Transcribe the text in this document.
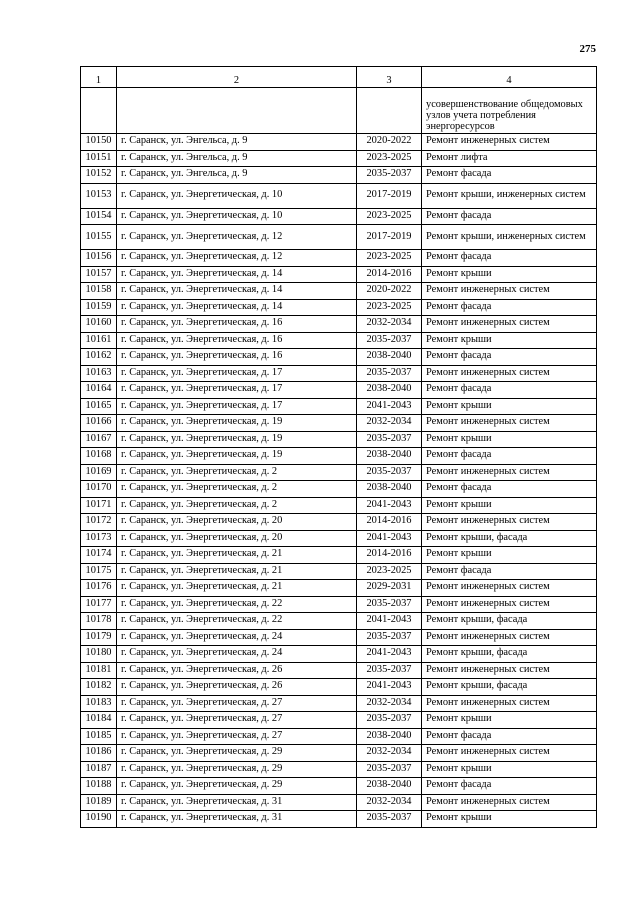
275
1	2	3	4
			усовершенствование общедомовых узлов учета потребления энергоресурсов
10150	г. Саранск, ул. Энгельса, д. 9	2020-2022	Ремонт инженерных систем
10151	г. Саранск, ул. Энгельса, д. 9	2023-2025	Ремонт лифта
10152	г. Саранск, ул. Энгельса, д. 9	2035-2037	Ремонт фасада
10153	г. Саранск, ул. Энергетическая, д. 10	2017-2019	Ремонт крыши, инженерных систем
10154	г. Саранск, ул. Энергетическая, д. 10	2023-2025	Ремонт фасада
10155	г. Саранск, ул. Энергетическая, д. 12	2017-2019	Ремонт крыши, инженерных систем
10156	г. Саранск, ул. Энергетическая, д. 12	2023-2025	Ремонт фасада
10157	г. Саранск, ул. Энергетическая, д. 14	2014-2016	Ремонт крыши
10158	г. Саранск, ул. Энергетическая, д. 14	2020-2022	Ремонт инженерных систем
10159	г. Саранск, ул. Энергетическая, д. 14	2023-2025	Ремонт фасада
10160	г. Саранск, ул. Энергетическая, д. 16	2032-2034	Ремонт инженерных систем
10161	г. Саранск, ул. Энергетическая, д. 16	2035-2037	Ремонт крыши
10162	г. Саранск, ул. Энергетическая, д. 16	2038-2040	Ремонт фасада
10163	г. Саранск, ул. Энергетическая, д. 17	2035-2037	Ремонт инженерных систем
10164	г. Саранск, ул. Энергетическая, д. 17	2038-2040	Ремонт фасада
10165	г. Саранск, ул. Энергетическая, д. 17	2041-2043	Ремонт крыши
10166	г. Саранск, ул. Энергетическая, д. 19	2032-2034	Ремонт инженерных систем
10167	г. Саранск, ул. Энергетическая, д. 19	2035-2037	Ремонт крыши
10168	г. Саранск, ул. Энергетическая, д. 19	2038-2040	Ремонт фасада
10169	г. Саранск, ул. Энергетическая, д. 2	2035-2037	Ремонт инженерных систем
10170	г. Саранск, ул. Энергетическая, д. 2	2038-2040	Ремонт фасада
10171	г. Саранск, ул. Энергетическая, д. 2	2041-2043	Ремонт крыши
10172	г. Саранск, ул. Энергетическая, д. 20	2014-2016	Ремонт инженерных систем
10173	г. Саранск, ул. Энергетическая, д. 20	2041-2043	Ремонт крыши, фасада
10174	г. Саранск, ул. Энергетическая, д. 21	2014-2016	Ремонт крыши
10175	г. Саранск, ул. Энергетическая, д. 21	2023-2025	Ремонт фасада
10176	г. Саранск, ул. Энергетическая, д. 21	2029-2031	Ремонт инженерных систем
10177	г. Саранск, ул. Энергетическая, д. 22	2035-2037	Ремонт инженерных систем
10178	г. Саранск, ул. Энергетическая, д. 22	2041-2043	Ремонт крыши, фасада
10179	г. Саранск, ул. Энергетическая, д. 24	2035-2037	Ремонт инженерных систем
10180	г. Саранск, ул. Энергетическая, д. 24	2041-2043	Ремонт крыши, фасада
10181	г. Саранск, ул. Энергетическая, д. 26	2035-2037	Ремонт инженерных систем
10182	г. Саранск, ул. Энергетическая, д. 26	2041-2043	Ремонт крыши, фасада
10183	г. Саранск, ул. Энергетическая, д. 27	2032-2034	Ремонт инженерных систем
10184	г. Саранск, ул. Энергетическая, д. 27	2035-2037	Ремонт крыши
10185	г. Саранск, ул. Энергетическая, д. 27	2038-2040	Ремонт фасада
10186	г. Саранск, ул. Энергетическая, д. 29	2032-2034	Ремонт инженерных систем
10187	г. Саранск, ул. Энергетическая, д. 29	2035-2037	Ремонт крыши
10188	г. Саранск, ул. Энергетическая, д. 29	2038-2040	Ремонт фасада
10189	г. Саранск, ул. Энергетическая, д. 31	2032-2034	Ремонт инженерных систем
10190	г. Саранск, ул. Энергетическая, д. 31	2035-2037	Ремонт крыши
